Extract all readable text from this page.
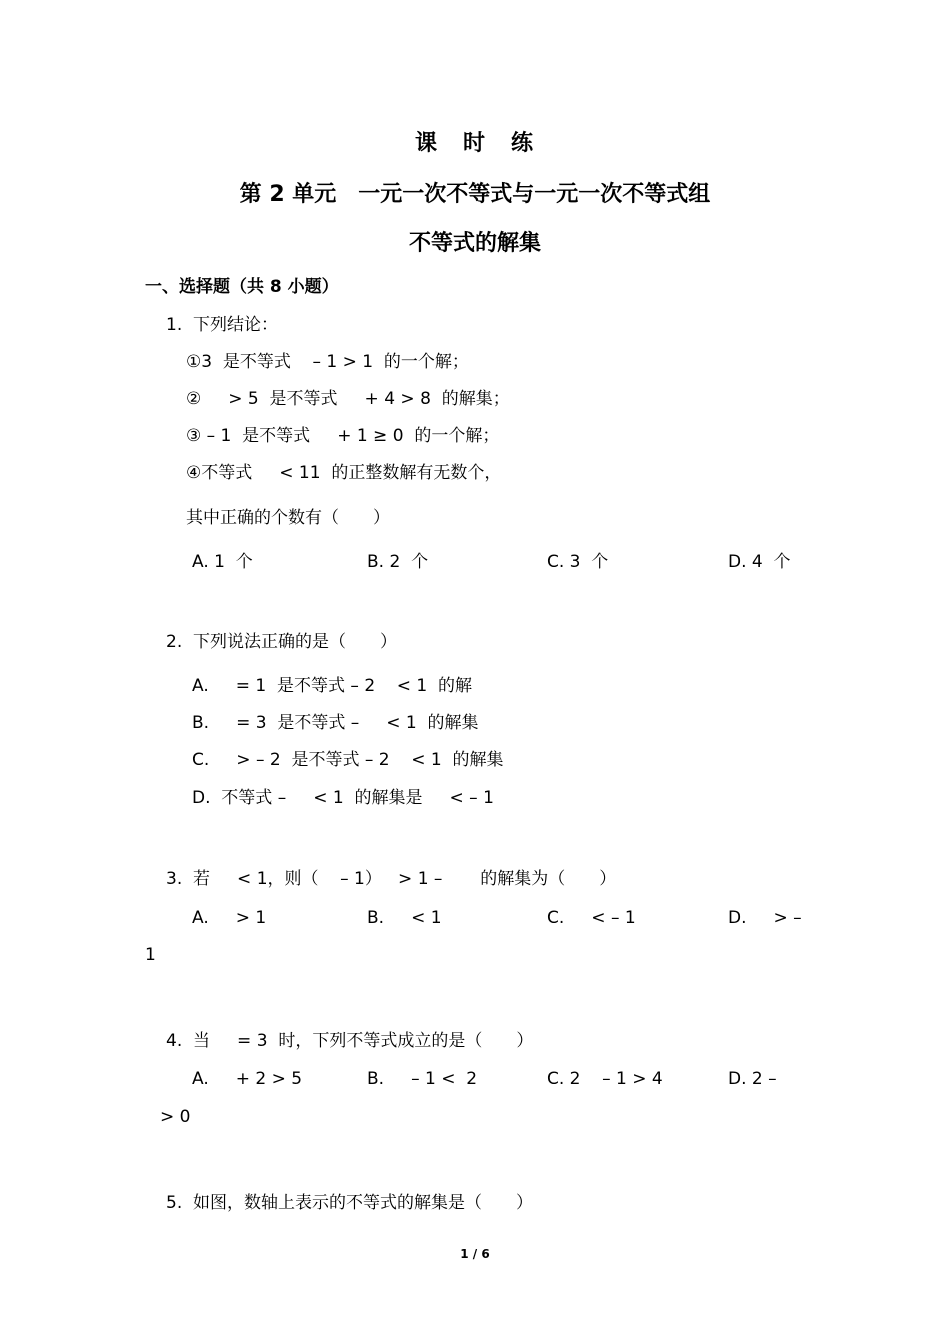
课　时　练
第 2 单元　一元一次不等式与一元一次不等式组
不等式的解集
一、选择题（共 8 小题）
1.  下列结论：
①3  是不等式    – 1 > 1  的一个解；
②     > 5  是不等式     + 4 > 8  的解集；
③ – 1  是不等式     + 1 ≥ 0  的一个解；
④不等式     < 11  的正整数解有无数个，
其中正确的个数有（　　）
A. 1  个	B. 2  个	C. 3  个	D. 4  个
2.  下列说法正确的是（　　）
A.     = 1  是不等式 – 2    < 1  的解
B.     = 3  是不等式 –     < 1  的解集
C.     > – 2  是不等式 – 2    < 1  的解集
D.  不等式 –     < 1  的解集是     < – 1
3.  若     < 1，则（    – 1）   > 1 –       的解集为（　　）
A.     > 1	B.     < 1	C.     < – 1	D.     > –
1
4.  当     = 3  时，下列不等式成立的是（　　）
A.     + 2 > 5	B.     – 1 <  2	C. 2    – 1 > 4	D. 2 –
> 0
5.  如图，数轴上表示的不等式的解集是（　　）
1 / 6
